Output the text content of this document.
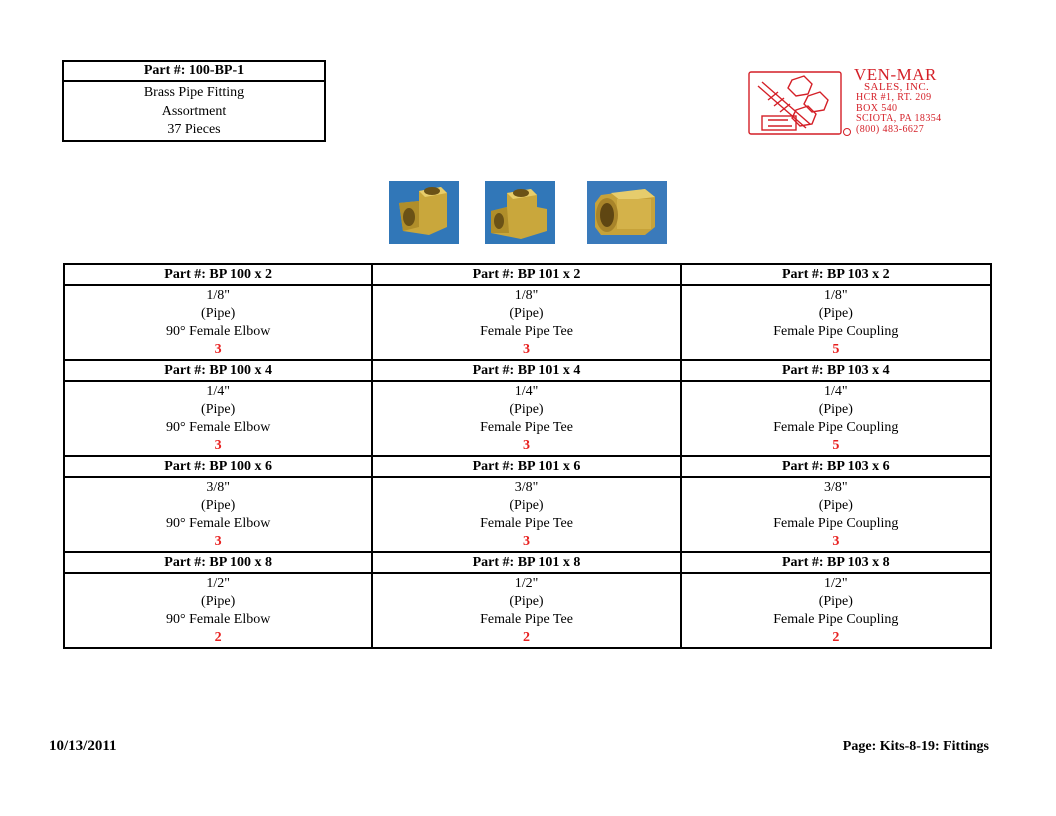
Part #: 100-BP-1
Brass Pipe Fitting
Assortment
37 Pieces
VEN-MAR
SALES, INC.
HCR #1, RT. 209
BOX 540
SCIOTA, PA 18354
(800) 483-6627
Part #: BP 100 x 2
1/8"
(Pipe)
90° Female Elbow
3
Part #: BP 101 x 2
1/8"
(Pipe)
Female Pipe Tee
3
Part #: BP 103 x 2
1/8"
(Pipe)
Female Pipe Coupling
5
Part #: BP 100 x 4
1/4"
(Pipe)
90° Female Elbow
3
Part #: BP 101 x 4
1/4"
(Pipe)
Female Pipe Tee
3
Part #: BP 103 x 4
1/4"
(Pipe)
Female Pipe Coupling
5
Part #: BP 100 x 6
3/8"
(Pipe)
90° Female Elbow
3
Part #: BP 101 x 6
3/8"
(Pipe)
Female Pipe Tee
3
Part #: BP 103 x 6
3/8"
(Pipe)
Female Pipe Coupling
3
Part #: BP 100 x 8
1/2"
(Pipe)
90° Female Elbow
2
Part #: BP 101 x 8
1/2"
(Pipe)
Female Pipe Tee
2
Part #: BP 103 x 8
1/2"
(Pipe)
Female Pipe Coupling
2
10/13/2011	Page: Kits-8-19: Fittings
